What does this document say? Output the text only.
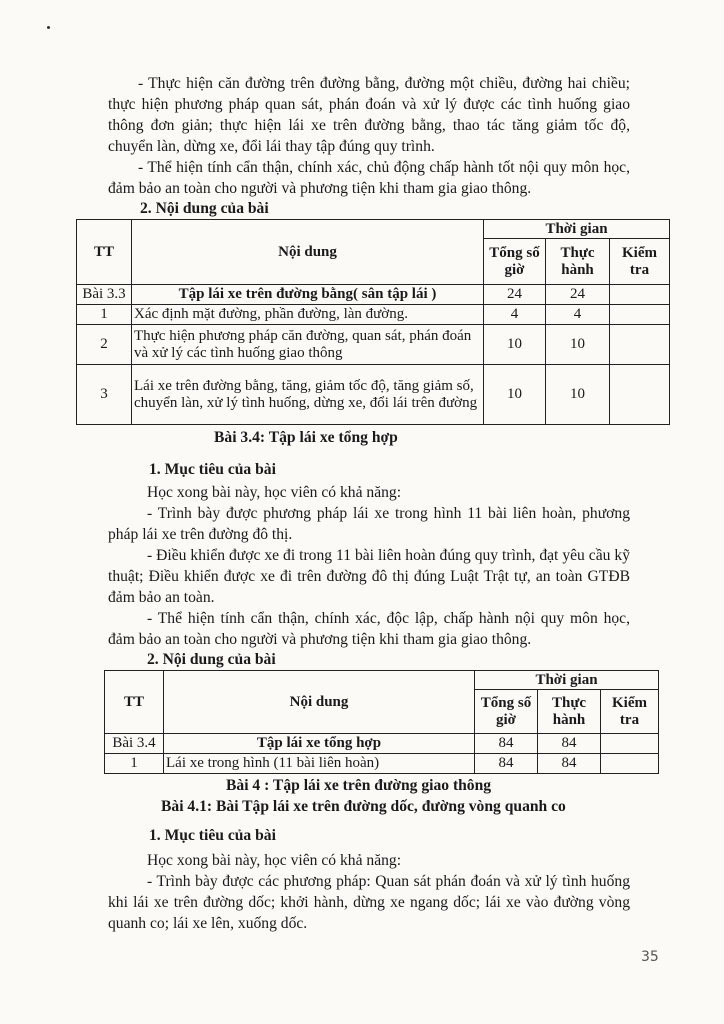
- Thực hiện căn đường trên đường bằng, đường một chiều, đường hai chiều; thực hiện phương pháp quan sát, phán đoán và xử lý được các tình huống giao thông đơn giản; thực hiện lái xe trên đường bằng, thao tác tăng giảm tốc độ, chuyển làn, dừng xe, đổi lái thay tập đúng quy trình.

- Thể hiện tính cẩn thận, chính xác, chủ động chấp hành tốt nội quy môn học, đảm bảo an toàn cho người và phương tiện khi tham gia giao thông.

2. Nội dung của bài

TT	Nội dung	Thời gian		
		Tổng số giờ	Thực hành	Kiểm tra
Bài 3.3	Tập lái xe trên đường bằng( sân tập lái )	24	24	
1	Xác định mặt đường, phần đường, làn đường.	4	4	
2	Thực hiện phương pháp căn đường, quan sát, phán đoán và xử lý các tình huống giao thông	10	10	
3	Lái xe trên đường bằng, tăng, giảm tốc độ, tăng giảm số, chuyển làn, xử lý tình huống, dừng xe, đổi lái trên đường	10	10	

Bài 3.4: Tập lái xe tổng hợp

1. Mục tiêu của bài

Học xong bài này, học viên có khả năng:

- Trình bày được phương pháp lái xe trong hình 11 bài liên hoàn, phương pháp lái xe trên đường đô thị.

- Điều khiển được xe đi trong 11 bài liên hoàn đúng quy trình, đạt yêu cầu kỹ thuật; Điều khiển được xe đi trên đường đô thị đúng Luật Trật tự, an toàn GTĐB đảm bảo an toàn.

- Thể hiện tính cẩn thận, chính xác, độc lập, chấp hành nội quy môn học, đảm bảo an toàn cho người và phương tiện khi tham gia giao thông.

2. Nội dung của bài

TT	Nội dung	Thời gian		
		Tổng số giờ	Thực hành	Kiểm tra
Bài 3.4	Tập lái xe tổng hợp	84	84	
1	Lái xe trong hình (11 bài liên hoàn)	84	84	

Bài 4 : Tập lái xe trên đường giao thông

Bài 4.1: Bài Tập lái xe trên đường dốc, đường vòng quanh co

1. Mục tiêu của bài

Học xong bài này, học viên có khả năng:

- Trình bày được các phương pháp: Quan sát phán đoán và xử lý tình huống khi lái xe trên đường dốc; khởi hành, dừng xe ngang dốc; lái xe vào đường vòng quanh co; lái xe lên, xuống dốc.

35
